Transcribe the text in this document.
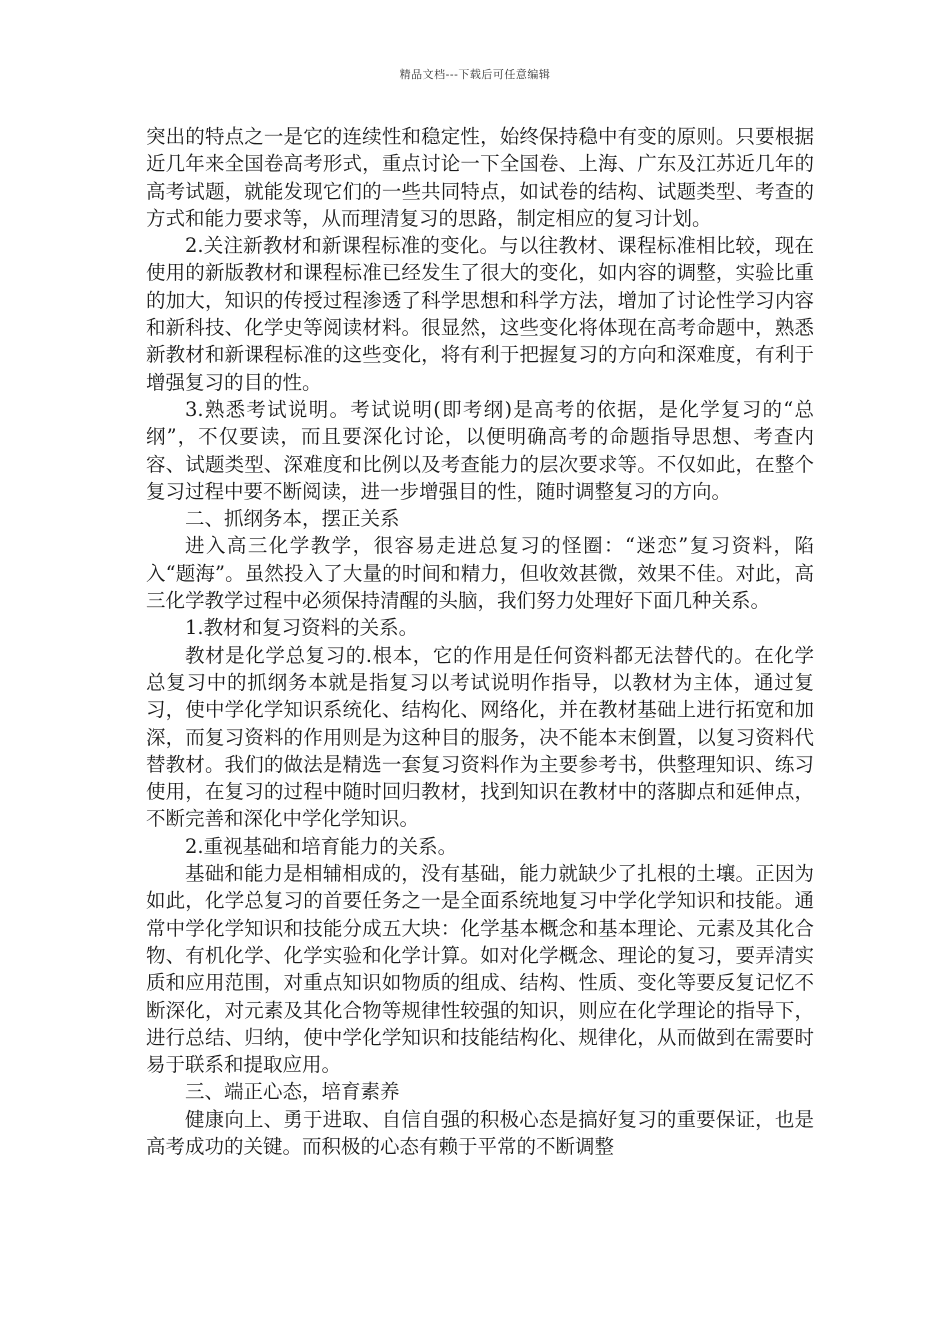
精品文档---下载后可任意编辑

突出的特点之一是它的连续性和稳定性，始终保持稳中有变的原则。只要根据近几年来全国卷高考形式，重点讨论一下全国卷、上海、广东及江苏近几年的高考试题，就能发现它们的一些共同特点，如试卷的结构、试题类型、考查的方式和能力要求等，从而理清复习的思路，制定相应的复习计划。

2.关注新教材和新课程标准的变化。与以往教材、课程标准相比较，现在使用的新版教材和课程标准已经发生了很大的变化，如内容的调整，实验比重的加大，知识的传授过程渗透了科学思想和科学方法，增加了讨论性学习内容和新科技、化学史等阅读材料。很显然，这些变化将体现在高考命题中，熟悉新教材和新课程标准的这些变化，将有利于把握复习的方向和深难度，有利于增强复习的目的性。

3.熟悉考试说明。考试说明(即考纲)是高考的依据，是化学复习的“总纲”，不仅要读，而且要深化讨论，以便明确高考的命题指导思想、考查内容、试题类型、深难度和比例以及考查能力的层次要求等。不仅如此，在整个复习过程中要不断阅读，进一步增强目的性，随时调整复习的方向。

二、抓纲务本，摆正关系

进入高三化学教学，很容易走进总复习的怪圈：“迷恋”复习资料，陷入“题海”。虽然投入了大量的时间和精力，但收效甚微，效果不佳。对此，高三化学教学过程中必须保持清醒的头脑，我们努力处理好下面几种关系。

1.教材和复习资料的关系。

教材是化学总复习的.根本，它的作用是任何资料都无法替代的。在化学总复习中的抓纲务本就是指复习以考试说明作指导，以教材为主体，通过复习，使中学化学知识系统化、结构化、网络化，并在教材基础上进行拓宽和加深，而复习资料的作用则是为这种目的服务，决不能本末倒置，以复习资料代替教材。我们的做法是精选一套复习资料作为主要参考书，供整理知识、练习使用，在复习的过程中随时回归教材，找到知识在教材中的落脚点和延伸点，不断完善和深化中学化学知识。

2.重视基础和培育能力的关系。

基础和能力是相辅相成的，没有基础，能力就缺少了扎根的土壤。正因为如此，化学总复习的首要任务之一是全面系统地复习中学化学知识和技能。通常中学化学知识和技能分成五大块：化学基本概念和基本理论、元素及其化合物、有机化学、化学实验和化学计算。如对化学概念、理论的复习，要弄清实质和应用范围，对重点知识如物质的组成、结构、性质、变化等要反复记忆不断深化，对元素及其化合物等规律性较强的知识，则应在化学理论的指导下，进行总结、归纳，使中学化学知识和技能结构化、规律化，从而做到在需要时易于联系和提取应用。

三、端正心态，培育素养

健康向上、勇于进取、自信自强的积极心态是搞好复习的重要保证，也是高考成功的关键。而积极的心态有赖于平常的不断调整
